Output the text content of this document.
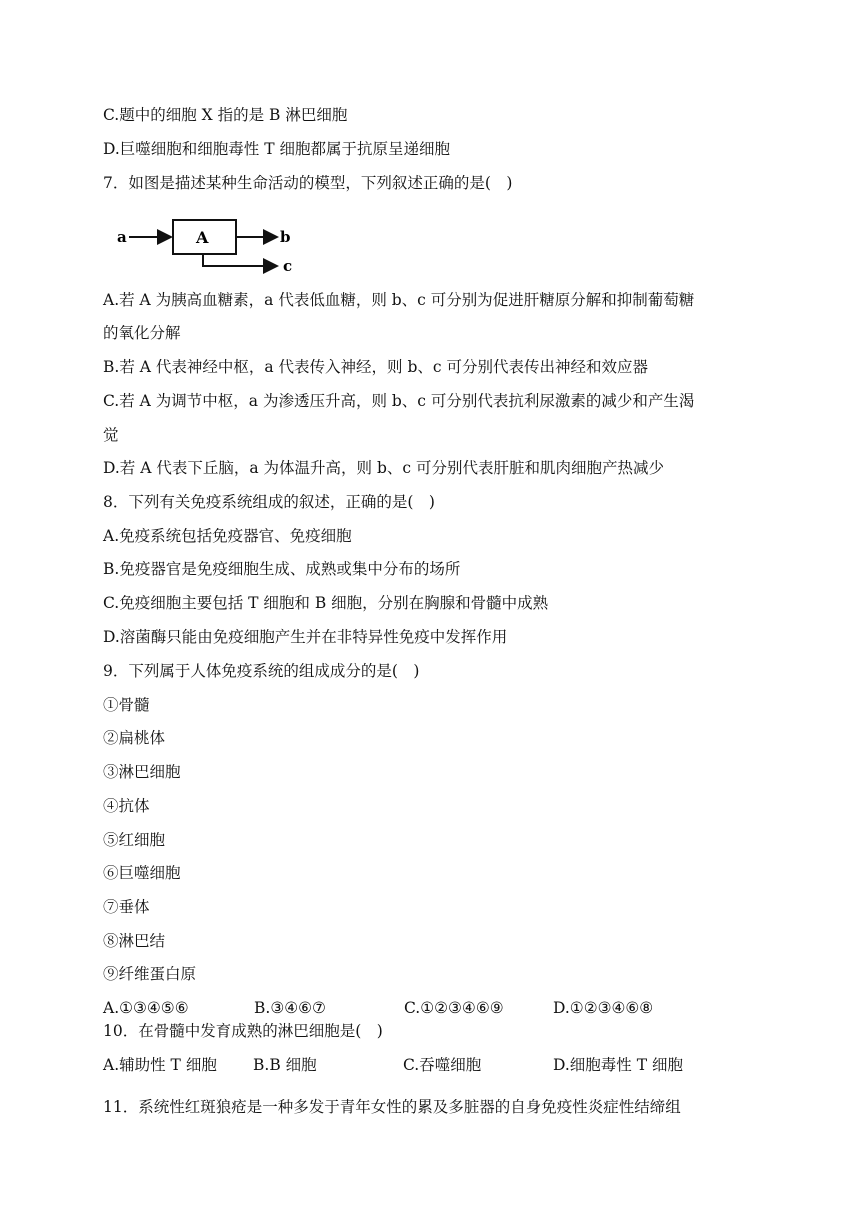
C.题中的细胞 X 指的是 B 淋巴细胞
D.巨噬细胞和细胞毒性 T 细胞都属于抗原呈递细胞
7．如图是描述某种生命活动的模型，下列叙述正确的是(　)
a	A	b
c
A.若 A 为胰高血糖素，a 代表低血糖，则 b、c 可分别为促进肝糖原分解和抑制葡萄糖
的氧化分解
B.若 A 代表神经中枢，a 代表传入神经，则 b、c 可分别代表传出神经和效应器
C.若 A 为调节中枢，a 为渗透压升高，则 b、c 可分别代表抗利尿激素的减少和产生渴
觉
D.若 A 代表下丘脑，a 为体温升高，则 b、c 可分别代表肝脏和肌肉细胞产热减少
8．下列有关免疫系统组成的叙述，正确的是(　)
A.免疫系统包括免疫器官、免疫细胞
B.免疫器官是免疫细胞生成、成熟或集中分布的场所
C.免疫细胞主要包括 T 细胞和 B 细胞，分别在胸腺和骨髓中成熟
D.溶菌酶只能由免疫细胞产生并在非特异性免疫中发挥作用
9．下列属于人体免疫系统的组成成分的是(　)
①骨髓
②扁桃体
③淋巴细胞
④抗体
⑤红细胞
⑥巨噬细胞
⑦垂体
⑧淋巴结
⑨纤维蛋白原
A.①③④⑤⑥	B.③④⑥⑦	C.①②③④⑥⑨	D.①②③④⑥⑧
10．在骨髓中发育成熟的淋巴细胞是(　)
A.辅助性 T 细胞	B.B 细胞	C.吞噬细胞	D.细胞毒性 T 细胞
11．系统性红斑狼疮是一种多发于青年女性的累及多脏器的自身免疫性炎症性结缔组
